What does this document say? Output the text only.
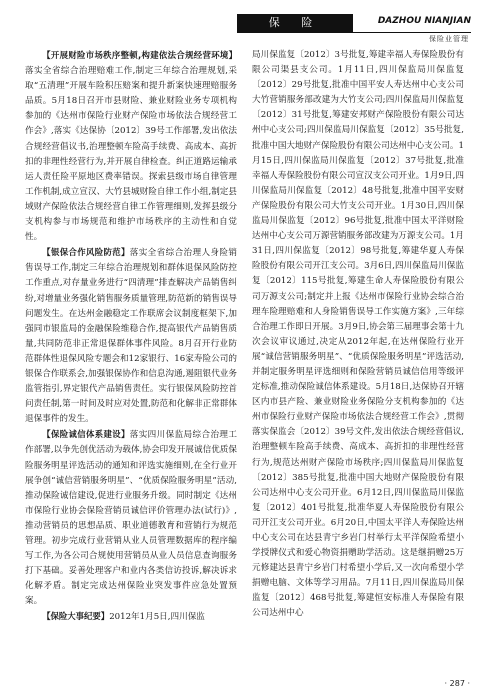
保 险	DAZHOU NIANJIAN
保险业管理

【开展财险市场秩序整顿,构建依法合规经营环境】落实全省综合治理赔难工作,制定三年综合治理规划,采取“五清理”开展车险积压赔案和提升新案快速理赔服务品质。5月18日召开市县财险、兼业财险业务专项机构参加的《达州市保险行业财产保险市场依法合规经营工作会》,落实《达保协〔2012〕39号工作部署,发出依法合规经营倡议书,治理整顿车险高手续费、高成本、高折扣的非理性经营行为,并开展自律检查。纠正道路运输承运人责任险平原地区费率错误。探索县级市场自律管理工作机制,成立宣汉、大竹县城财险自律工作小组,制定县域财产保险依法合规经营自律工作管理细则,发挥县级分支机构参与市场规范和维护市场秩序的主动性和自觉性。

【银保合作风险防范】落实全省综合治理人身险销售误导工作,制定三年综合治理规划和群体退保风险防控工作重点,对存量业务进行“四清理”排查解决产品销售纠纷,对增量业务强化销售服务质量管理,防范新的销售误导问题发生。在达州金融稳定工作联席会议制度框架下,加强同市银监局的金融保险维稳合作,提高银代产品销售质量,共同防范非正常退保群体事件风险。8月召开行业防范群体性退保风险专题会和12家银行、16家寿险公司的银保合作联系会,加强银保协作和信息沟通,遏阻银代业务监管指引,界定银代产品销售责任。实行银保风险防控首问责任制,第一时间及时应对处置,防范和化解非正常群体退保事件的发生。

【保险诚信体系建设】落实四川保监局综合治理工作部署,以争先创优活动为载体,协会印发开展诚信优质保险服务明星评选活动的通知和评选实施细则,在全行业开展争创“诚信营销服务明星”、“优质保险服务明星”活动,推动保险诚信建设,促进行业服务升级。同时制定《达州市保险行业协会保险营销员诚信评价管理办法(试行)》,推动营销员的思想品质、职业道德教育和营销行为规范管理。初步完成行业营销从业人员管理数据库的程序编写工作,为各公司合规使用营销员从业人员信息查询服务打下基础。妥善处理客户和业内各类信访投诉,解决诉求化解矛盾。制定完成达州保险业突发事件应急处置预案。

【保险大事纪要】2012年1月5日,四川保监

局川保监复〔2012〕3号批复,筹建幸福人寿保险股份有限公司渠县支公司。1月11日,四川保监局川保监复〔2012〕29号批复,批准中国平安人寿达州中心支公司大竹营销服务部改建为大竹支公司;四川保监局川保监复〔2012〕31号批复,筹建安邦财产保险股份有限公司达州中心支公司;四川保监局川保监复〔2012〕35号批复,批准中国大地财产保险股份有限公司达州中心支公司。1月15日,四川保监局川保监复〔2012〕37号批复,批准幸福人寿保险股份有限公司宣汉支公司开业。1月9日,四川保监局川保监复〔2012〕48号批复,批准中国平安财产保险股份有限公司大竹支公司开业。1月30日,四川保监局川保监复〔2012〕96号批复,批准中国太平洋财险达州中心支公司万源营销服务部改建为万源支公司。1月31日,四川保监复〔2012〕98号批复,筹建华夏人寿保险股份有限公司开江支公司。3月6日,四川保监局川保监复〔2012〕115号批复,筹建生命人寿保险股份有限公司万源支公司;制定并上报《达州市保险行业协会综合治理车险理赔难和人身险销售误导工作实施方案》,三年综合治理工作即日开展。3月9日,协会第三届理事会第十九次会议审议通过,决定从2012年起,在达州保险行业开展“诚信营销服务明星”、“优质保险服务明星”评选活动,并制定服务明星评选细则和保险营销员诚信信用等级评定标准,推动保险诚信体系建设。5月18日,达保协召开辖区内市县产险、兼业财险业务保险分支机构参加的《达州市保险行业财产保险市场依法合规经营工作会》,贯彻落实保监会〔2012〕39号文件,发出依法合规经营倡议,治理整顿车险高手续费、高成本、高折扣的非理性经营行为,规范达州财产保险市场秩序;四川保监局川保监复〔2012〕385号批复,批准中国大地财产保险股份有限公司达州中心支公司开业。6月12日,四川保监局川保监复〔2012〕401号批复,批准华夏人寿保险股份有限公司开江支公司开业。6月20日,中国太平洋人寿保险达州中心支公司在达县青宁乡岩门村举行太平洋保险希望小学授牌仪式和爱心物资捐赠助学活动。这是继捐赠25万元修建达县青宁乡岩门村希望小学后,又一次向希望小学捐赠电脑、文体等学习用品。7月11日,四川保监局川保监复〔2012〕468号批复,筹建恒安标准人寿保险有限公司达州中心

· 287 ·
